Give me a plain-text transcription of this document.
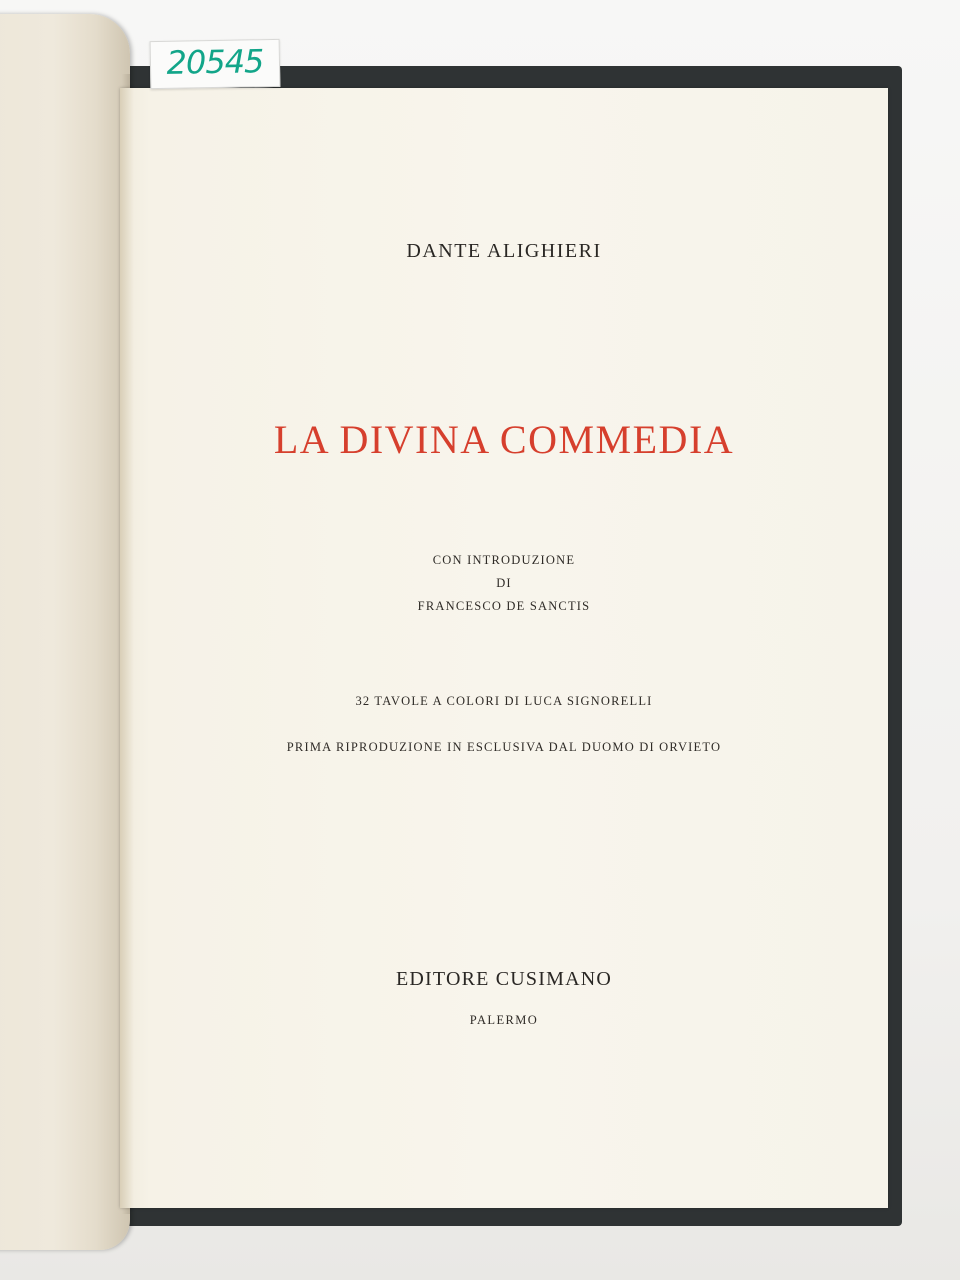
DANTE ALIGHIERI

LA DIVINA COMMEDIA

CON INTRODUZIONE

DI

FRANCESCO DE SANCTIS

32 TAVOLE A COLORI DI LUCA SIGNORELLI

PRIMA RIPRODUZIONE IN ESCLUSIVA DAL DUOMO DI ORVIETO

EDITORE CUSIMANO

PALERMO

20545
